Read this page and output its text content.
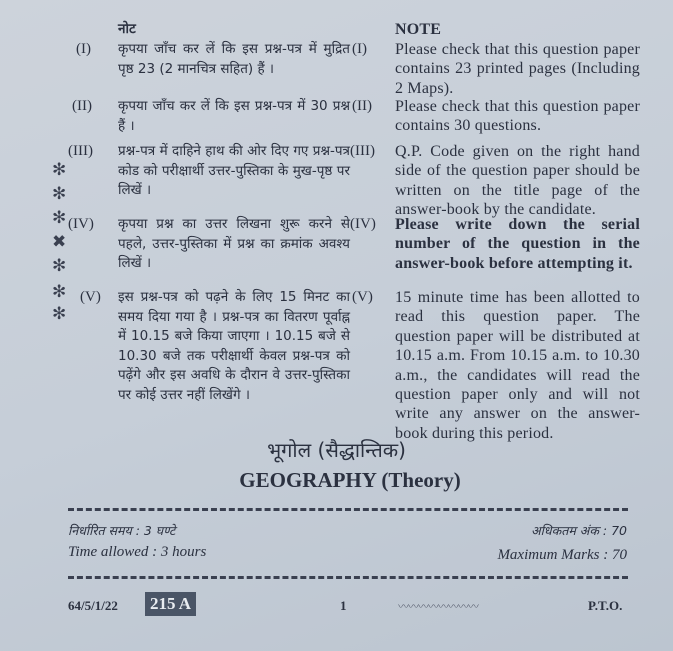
नोट	NOTE
(I) कृपया जाँच कर लें कि इस प्रश्न-पत्र में मुद्रित पृष्ठ 23 (2 मानचित्र सहित) हैं ।
(I) Please check that this question paper contains 23 printed pages (Including 2 Maps).
(II) कृपया जाँच कर लें कि इस प्रश्न-पत्र में 30 प्रश्न हैं ।
(II) Please check that this question paper contains 30 questions.
(III) प्रश्न-पत्र में दाहिने हाथ की ओर दिए गए प्रश्न-पत्र कोड को परीक्षार्थी उत्तर-पुस्तिका के मुख-पृष्ठ पर लिखें ।
(III) Q.P. Code given on the right hand side of the question paper should be written on the title page of the answer-book by the candidate.
(IV) कृपया प्रश्न का उत्तर लिखना शुरू करने से पहले, उत्तर-पुस्तिका में प्रश्न का क्रमांक अवश्य लिखें ।
(IV) Please write down the serial number of the question in the answer-book before attempting it.
(V) इस प्रश्न-पत्र को पढ़ने के लिए 15 मिनट का समय दिया गया है । प्रश्न-पत्र का वितरण पूर्वाह्न में 10.15 बजे किया जाएगा । 10.15 बजे से 10.30 बजे तक परीक्षार्थी केवल प्रश्न-पत्र को पढ़ेंगे और इस अवधि के दौरान वे उत्तर-पुस्तिका पर कोई उत्तर नहीं लिखेंगे ।
(V) 15 minute time has been allotted to read this question paper. The question paper will be distributed at 10.15 a.m. From 10.15 a.m. to 10.30 a.m., the candidates will read the question paper only and will not write any answer on the answer-book during this period.
✻
✻
✻
✖
✻
✻
✻
भूगोल (सैद्धान्तिक)
GEOGRAPHY (Theory)
निर्धारित समय : 3 घण्टे
Time allowed : 3 hours
अधिकतम अंक : 70
Maximum Marks : 70
64/5/1/22 215 A	1	〰〰〰〰〰〰〰〰	P.T.O.
